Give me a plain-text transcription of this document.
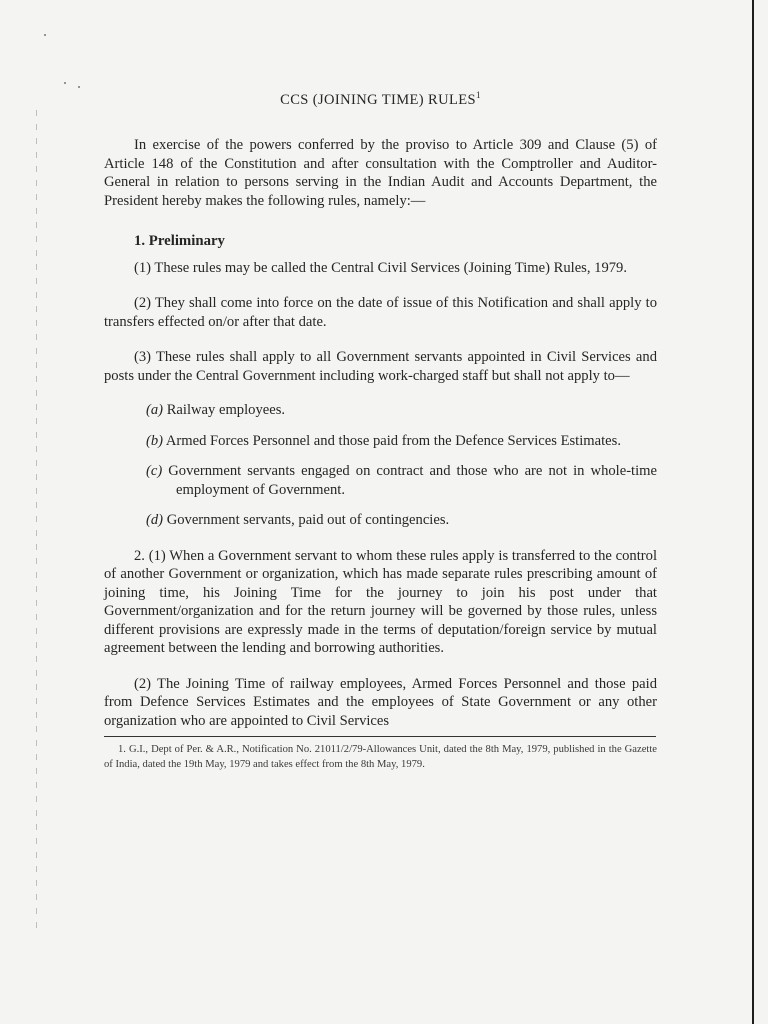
CCS (JOINING TIME) RULES$^1$

In exercise of the powers conferred by the proviso to Article 309 and Clause (5) of Article 148 of the Constitution and after consultation with the Comptroller and Auditor-General in relation to persons serving in the Indian Audit and Accounts Department, the President hereby makes the following rules, namely:—

1. Preliminary

(1) These rules may be called the Central Civil Services (Joining Time) Rules, 1979.

(2) They shall come into force on the date of issue of this Notification and shall apply to transfers effected on/or after that date.

(3) These rules shall apply to all Government servants appointed in Civil Services and posts under the Central Government including work-charged staff but shall not apply to—

(a) Railway employees.

(b) Armed Forces Personnel and those paid from the Defence Services Estimates.

(c) Government servants engaged on contract and those who are not in whole-time employment of Government.

(d) Government servants, paid out of contingencies.

2. (1) When a Government servant to whom these rules apply is transferred to the control of another Government or organization, which has made separate rules prescribing amount of joining time, his Joining Time for the journey to join his post under that Government/organization and for the return journey will be governed by those rules, unless different provisions are expressly made in the terms of deputation/foreign service by mutual agreement between the lending and borrowing authorities.

(2) The Joining Time of railway employees, Armed Forces Personnel and those paid from Defence Services Estimates and the employees of State Government or any other organization who are appointed to Civil Services

1. G.I., Dept of Per. & A.R., Notification No. 21011/2/79-Allowances Unit, dated the 8th May, 1979, published in the Gazette of India, dated the 19th May, 1979 and takes effect from the 8th May, 1979.
